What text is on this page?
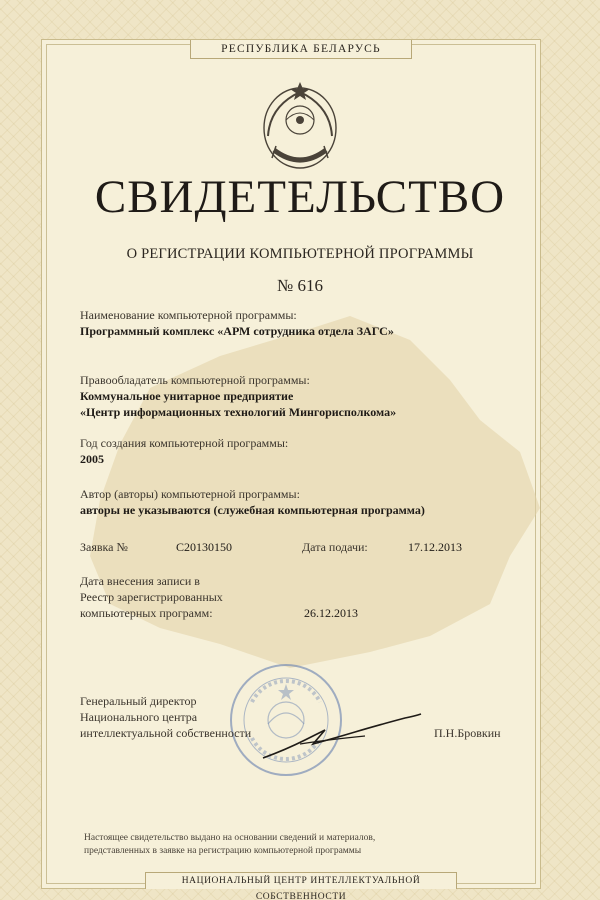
РЕСПУБЛИКА БЕЛАРУСЬ
СВИДЕТЕЛЬСТВО
О РЕГИСТРАЦИИ КОМПЬЮТЕРНОЙ ПРОГРАММЫ
№ 616
Наименование компьютерной программы:
Программный комплекс «АРМ сотрудника отдела ЗАГС»
Правообладатель компьютерной программы:
Коммунальное унитарное предприятие
«Центр информационных технологий Мингорисполкома»
Год создания компьютерной программы:
2005
Автор (авторы) компьютерной программы:
авторы не указываются (служебная компьютерная программа)
Заявка №	С20130150	Дата подачи:	17.12.2013
Дата внесения записи в
Реестр зарегистрированных
компьютерных программ:	26.12.2013
Генеральный директор
Национального центра
интеллектуальной собственности	П.Н.Бровкин
Настоящее свидетельство выдано на основании сведений и материалов,
представленных в заявке на регистрацию компьютерной программы
НАЦИОНАЛЬНЫЙ ЦЕНТР ИНТЕЛЛЕКТУАЛЬНОЙ СОБСТВЕННОСТИ
